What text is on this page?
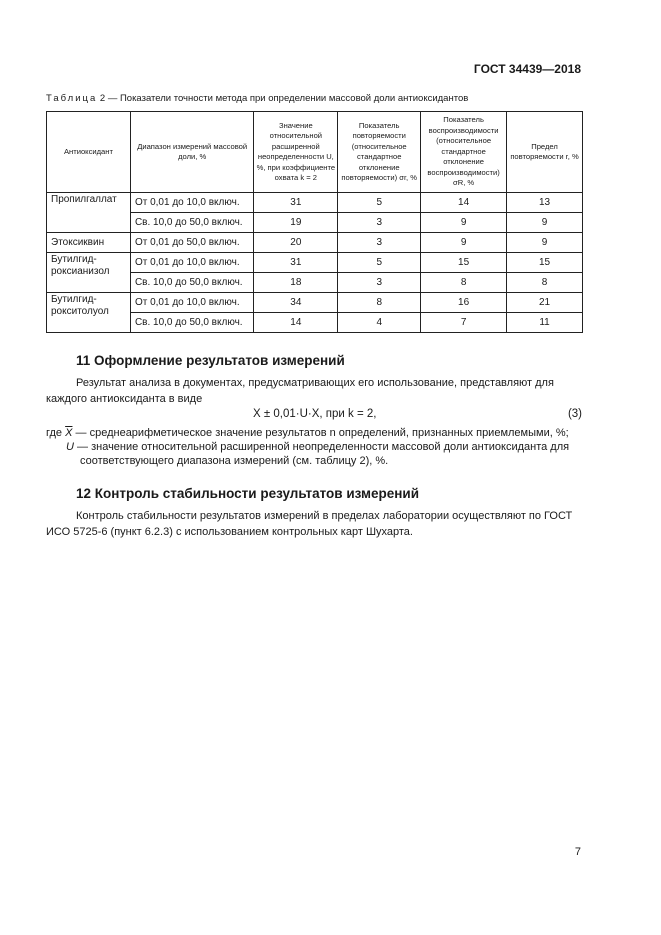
ГОСТ 34439—2018
Таблица 2 — Показатели точности метода при определении массовой доли антиоксидантов
Антиоксидант	Диапазон измерений массовой доли, %	Значение относительной расширенной неопределенности U, %, при коэффициенте охвата k = 2	Показатель повторяемости (относительное стандартное отклонение повторяемости) σr, %	Показатель воспроизводимости (относительное стандартное отклонение воспроизводимости) σR, %	Предел повторяемости r, %
Пропилгаллат	От 0,01 до 10,0 включ.	31	5	14	13
	Св. 10,0 до 50,0 включ.	19	3	9	9
Этоксиквин	От 0,01 до 50,0 включ.	20	3	9	9
Бутилгид-роксианизол	От 0,01 до 10,0 включ.	31	5	15	15
	Св. 10,0 до 50,0 включ.	18	3	8	8
Бутилгид-рокситолуол	От 0,01 до 10,0 включ.	34	8	16	21
	Св. 10,0 до 50,0 включ.	14	4	7	11
11 Оформление результатов измерений
Результат анализа в документах, предусматривающих его использование, представляют для каждого антиоксиданта в виде
X ± 0,01·U·X, при k = 2,	(3)
где $\overline{X}$ — среднеарифметическое значение результатов n определений, признанных приемлемыми, %;
U — значение относительной расширенной неопределенности массовой доли антиоксиданта для
соответствующего диапазона измерений (см. таблицу 2), %.
12 Контроль стабильности результатов измерений
Контроль стабильности результатов измерений в пределах лаборатории осуществляют по ГОСТ ИСО 5725-6 (пункт 6.2.3) с использованием контрольных карт Шухарта.
7
